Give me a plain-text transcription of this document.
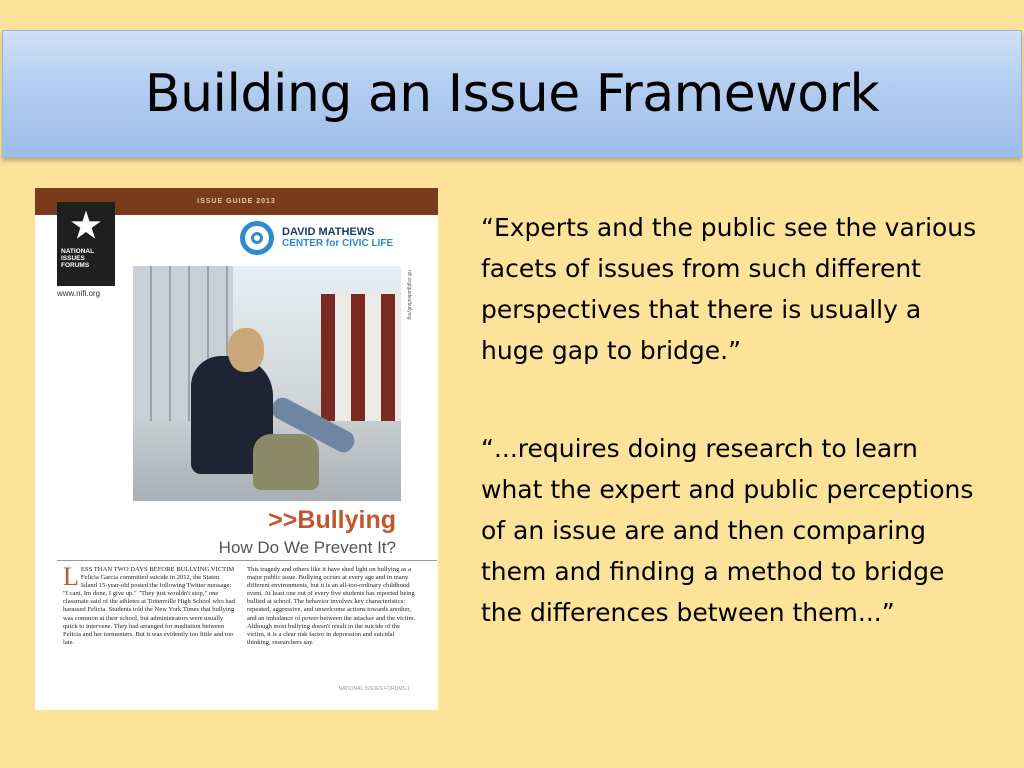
Building an Issue Framework
ISSUE GUIDE 2013
★
NATIONAL ISSUES FORUMS
www.nifi.org
DAVID MATHEWS
CENTER for CIVIC LIFE
nifi.org/guides/bullying
>>Bullying
How Do We Prevent It?
LESS THAN TWO DAYS BEFORE BULLYING VICTIM Felicia Garcia committed suicide in 2012, the Staten Island 15-year-old posted the following Twitter message: "I cant, Im done, I give up." "They just wouldn't stop," one classmate said of the athletes at Tottenville High School who had harassed Felicia. Students told the New York Times that bullying was common at their school, but administrators were usually quick to intervene. They had arranged for mediation between Felicia and her tormenters. But it was evidently too little and too late.
This tragedy and others like it have shed light on bullying as a major public issue. Bullying occurs at every age and in many different environments, but it is an all-too-ordinary childhood event. At least one out of every five students has reported being bullied at school. The behavior involves key characteristics: repeated, aggressive, and unwelcome actions towards another, and an imbalance of power between the attacker and the victim. Although most bullying doesn't result in the suicide of the victim, it is a clear risk factor in depression and suicidal thinking, researchers say.
NATIONAL ISSUES FORUMS 1

“Experts and the public see the various facets of issues from such different perspectives that there is usually a huge gap to bridge.”

“...requires doing research to learn what the expert and public perceptions of an issue are and then comparing them and finding a method to bridge the differences between them...”
